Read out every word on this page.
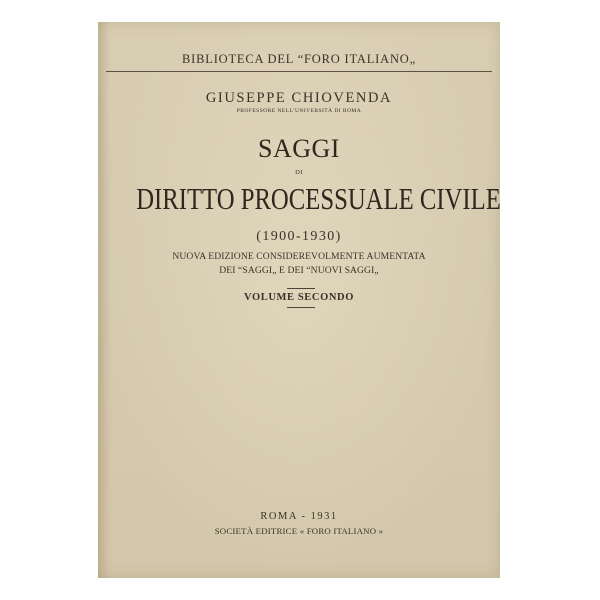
BIBLIOTECA DEL “FORO ITALIANO„
GIUSEPPE CHIOVENDA
PROFESSORE NELL’UNIVERSITÀ DI ROMA
SAGGI
DI
DIRITTO PROCESSUALE CIVILE
(1900-1930)
NUOVA EDIZIONE CONSIDEREVOLMENTE AUMENTATA
DEI “SAGGI„ E DEI “NUOVI SAGGI„
VOLUME SECONDO
ROMA - 1931
SOCIETÀ EDITRICE « FORO ITALIANO »
